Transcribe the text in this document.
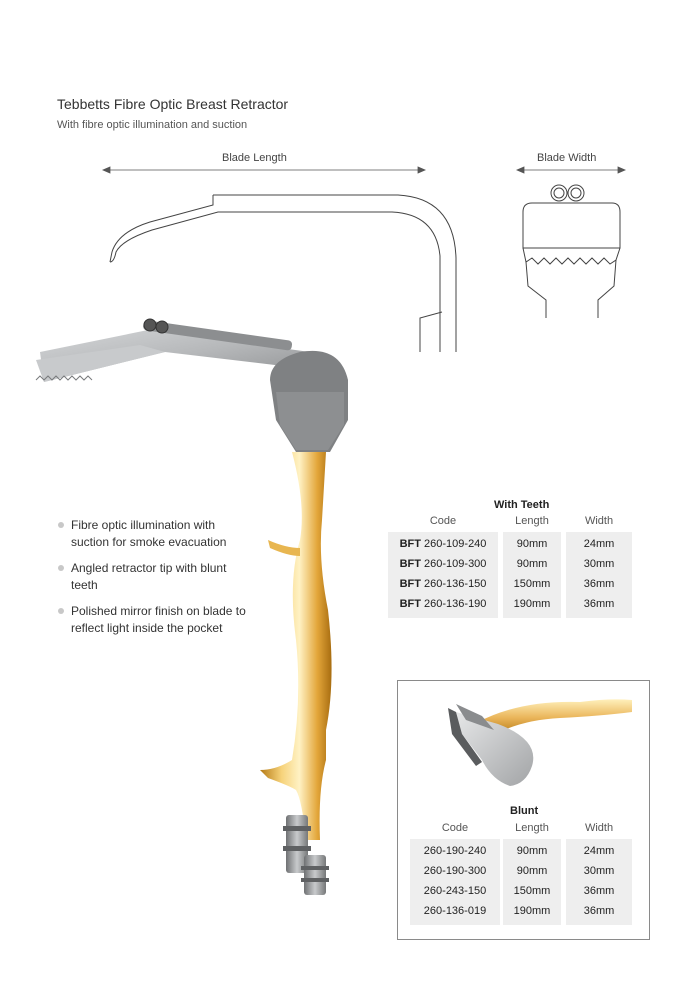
Tebbetts Fibre Optic Breast Retractor
With fibre optic illumination and suction
Blade Length	Blade Width
Fibre optic illumination with suction for smoke evacuation
Angled retractor tip with blunt teeth
Polished mirror finish on blade to reflect light inside the pocket
With Teeth
Code	Length	Width
BFT 260-109-240	90mm	24mm
BFT 260-109-300	90mm	30mm
BFT 260-136-150	150mm	36mm
BFT 260-136-190	190mm	36mm
Blunt
Code	Length	Width
260-190-240	90mm	24mm
260-190-300	90mm	30mm
260-243-150	150mm	36mm
260-136-019	190mm	36mm
